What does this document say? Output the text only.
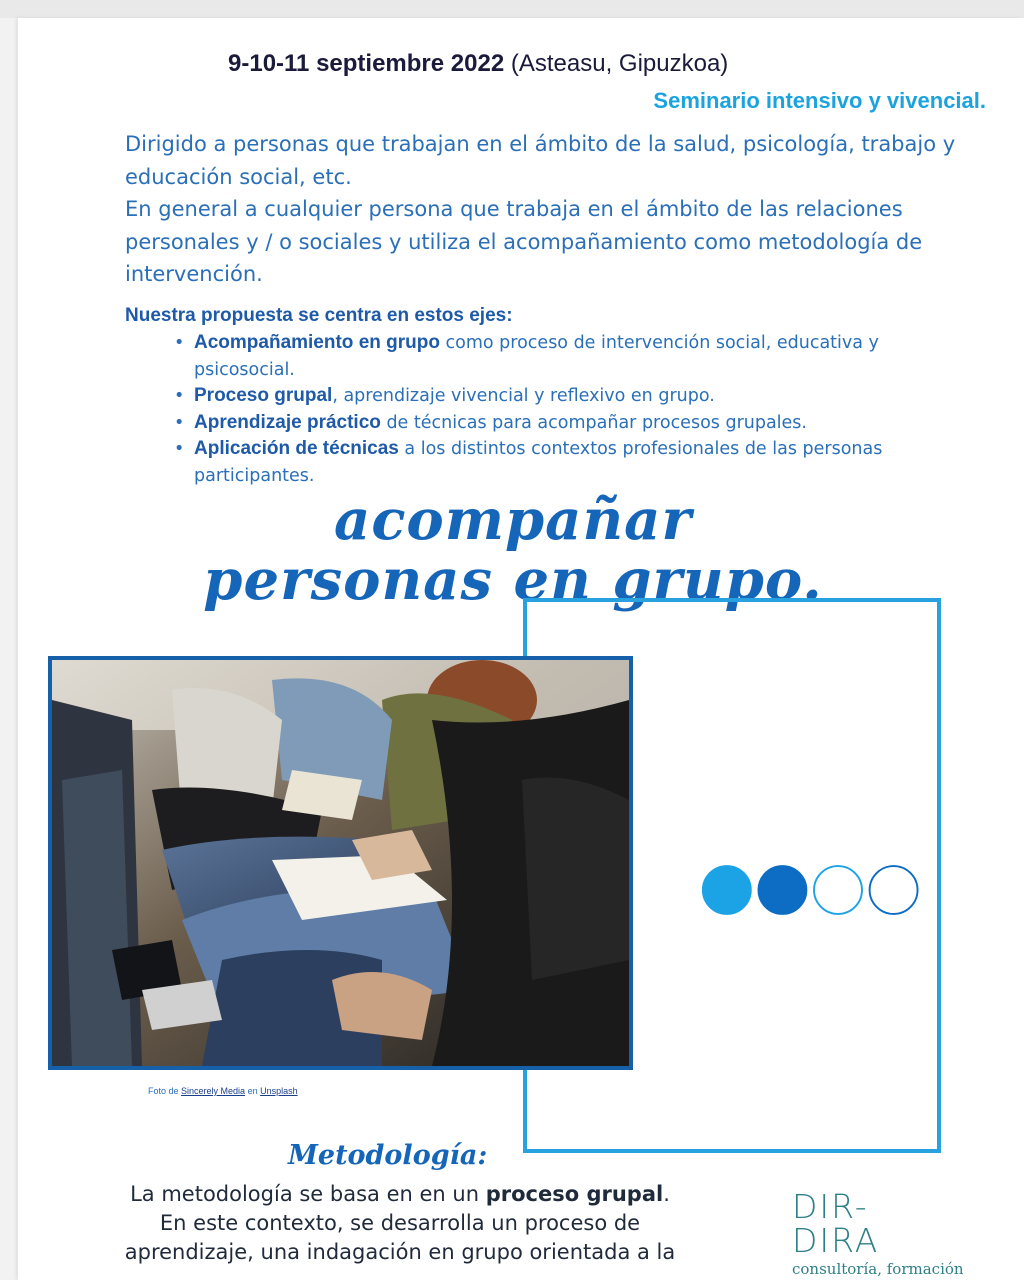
9-10-11 septiembre 2022 (Asteasu, Gipuzkoa)
Seminario intensivo y vivencial.

Dirigido a personas que trabajan en el ámbito de la salud, psicología, trabajo y educación social, etc.

En general a cualquier persona que trabaja en el ámbito de las relaciones personales y / o sociales y utiliza el acompañamiento como metodología de intervención.

Nuestra propuesta se centra en estos ejes:
• Acompañamiento en grupo como proceso de intervención social, educativa y psicosocial.
• Proceso grupal, aprendizaje vivencial y reflexivo en grupo.
• Aprendizaje práctico de técnicas para acompañar procesos grupales.
• Aplicación de técnicas a los distintos contextos profesionales de las personas participantes.
acompañar
personas en grupo.
Foto de Sincerely Media en Unsplash
Metodología:
La metodología se basa en en un proceso grupal.
En este contexto, se desarrolla un proceso de
aprendizaje, una indagación en grupo orientada a la
DIR-
DIRA
consultoría, formación
